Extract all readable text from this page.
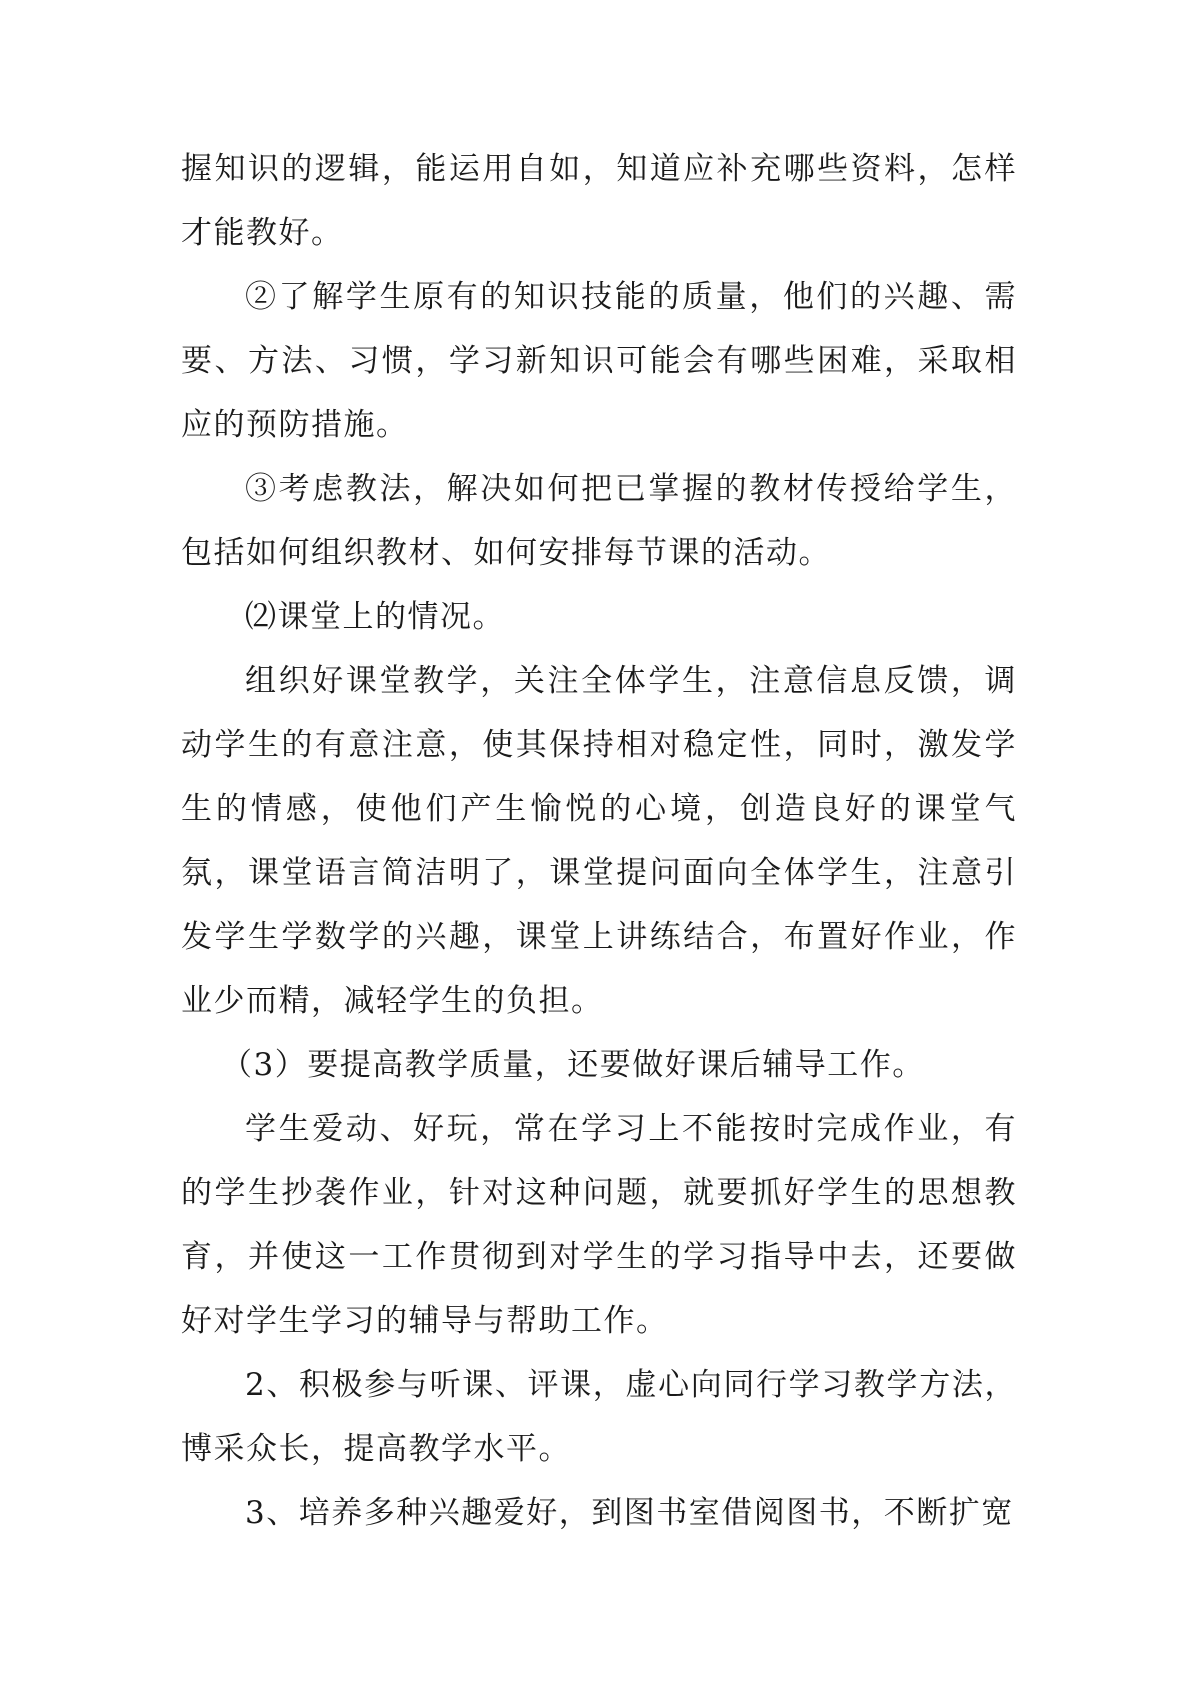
握知识的逻辑，能运用自如，知道应补充哪些资料，怎样才能教好。

②了解学生原有的知识技能的质量，他们的兴趣、需要、方法、习惯，学习新知识可能会有哪些困难，采取相应的预防措施。

③考虑教法，解决如何把已掌握的教材传授给学生，包括如何组织教材、如何安排每节课的活动。

⑵课堂上的情况。

组织好课堂教学，关注全体学生，注意信息反馈，调动学生的有意注意，使其保持相对稳定性，同时，激发学生的情感，使他们产生愉悦的心境，创造良好的课堂气氛，课堂语言简洁明了，课堂提问面向全体学生，注意引发学生学数学的兴趣，课堂上讲练结合，布置好作业，作业少而精，减轻学生的负担。

（3）要提高教学质量，还要做好课后辅导工作。

学生爱动、好玩，常在学习上不能按时完成作业，有的学生抄袭作业，针对这种问题，就要抓好学生的思想教育，并使这一工作贯彻到对学生的学习指导中去，还要做好对学生学习的辅导与帮助工作。

2、积极参与听课、评课，虚心向同行学习教学方法，博采众长，提高教学水平。

3、培养多种兴趣爱好，到图书室借阅图书，不断扩宽
